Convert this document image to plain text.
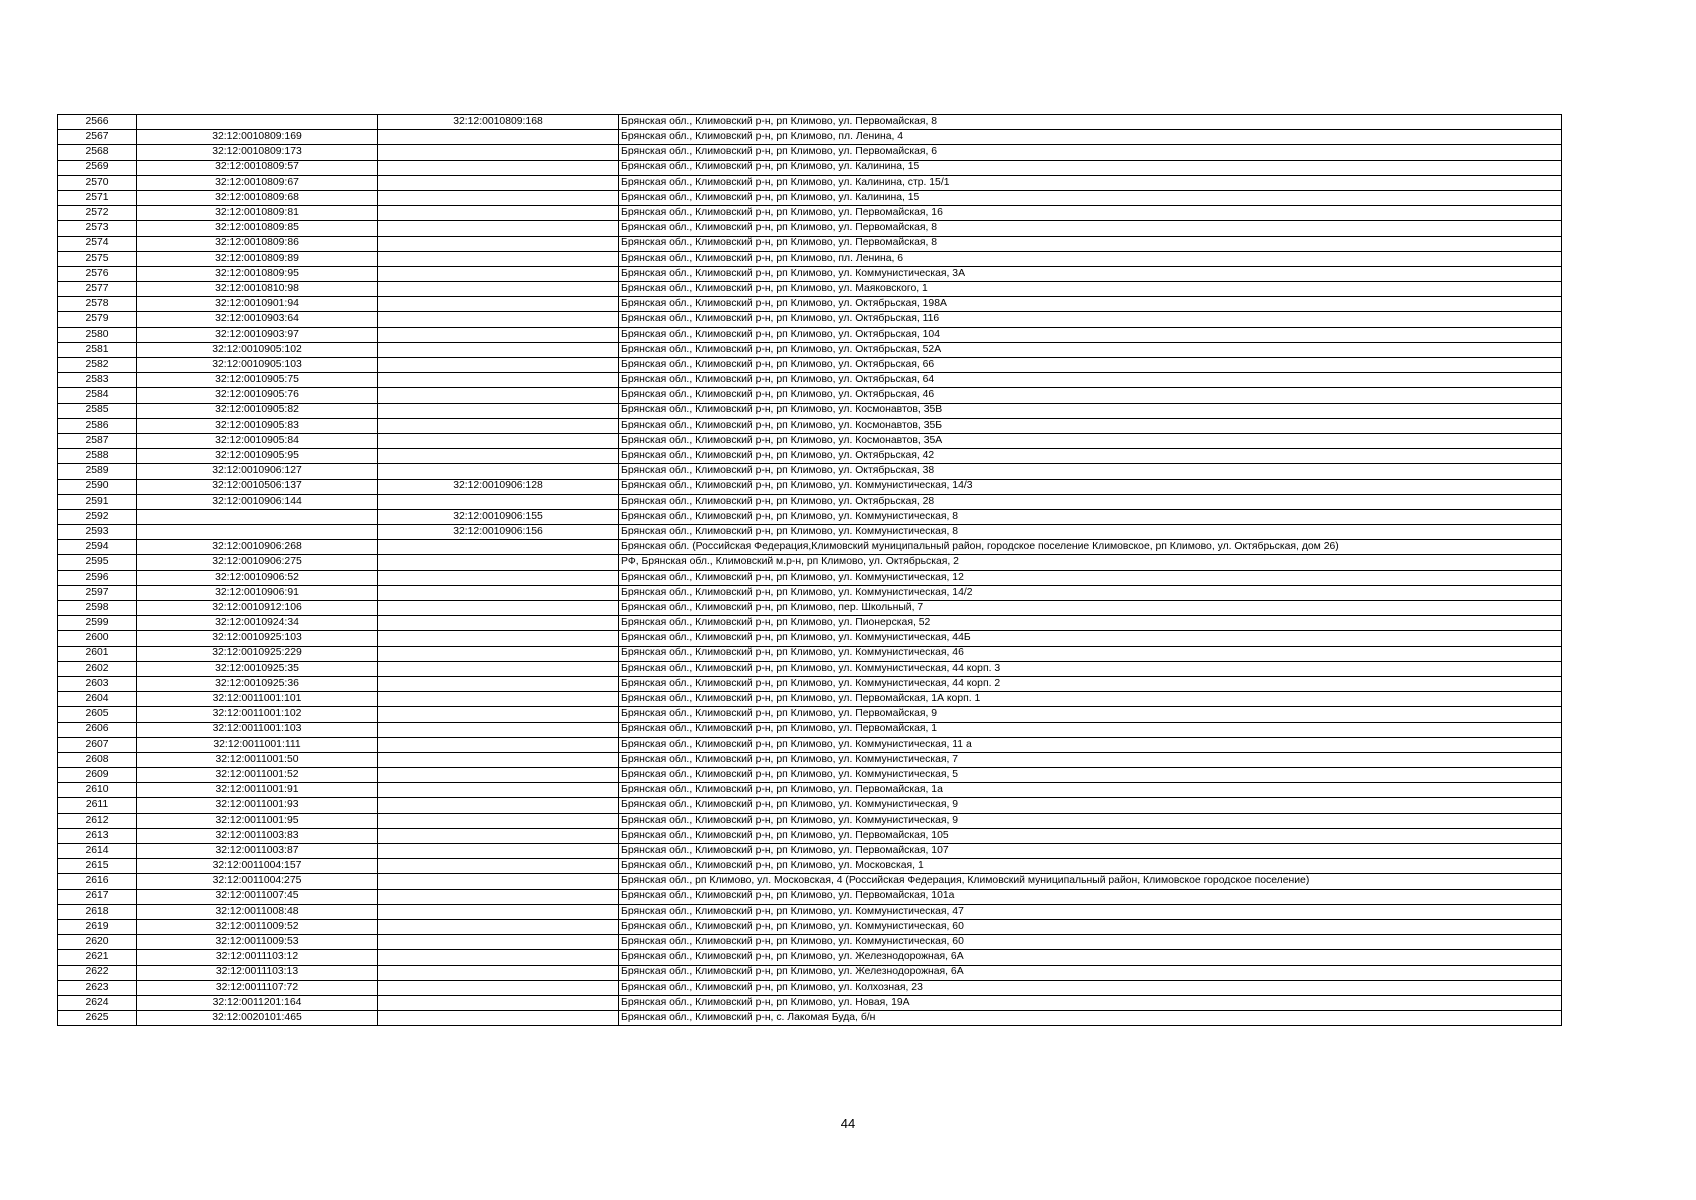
2566		32:12:0010809:168	Брянская обл., Климовский р-н, рп Климово, ул. Первомайская, 8
2567	32:12:0010809:169		Брянская обл., Климовский р-н, рп Климово, пл. Ленина, 4
2568	32:12:0010809:173		Брянская обл., Климовский р-н, рп Климово, ул. Первомайская, 6
2569	32:12:0010809:57		Брянская обл., Климовский р-н, рп Климово, ул. Калинина, 15
2570	32:12:0010809:67		Брянская обл., Климовский р-н, рп Климово, ул. Калинина, стр. 15/1
2571	32:12:0010809:68		Брянская обл., Климовский р-н, рп Климово, ул. Калинина, 15
2572	32:12:0010809:81		Брянская обл., Климовский р-н, рп Климово, ул. Первомайская, 16
2573	32:12:0010809:85		Брянская обл., Климовский р-н, рп Климово, ул. Первомайская, 8
2574	32:12:0010809:86		Брянская обл., Климовский р-н, рп Климово, ул. Первомайская, 8
2575	32:12:0010809:89		Брянская обл., Климовский р-н, рп Климово, пл. Ленина, 6
2576	32:12:0010809:95		Брянская обл., Климовский р-н, рп Климово, ул. Коммунистическая, 3А
2577	32:12:0010810:98		Брянская обл., Климовский р-н, рп Климово, ул. Маяковского, 1
2578	32:12:0010901:94		Брянская обл., Климовский р-н, рп Климово, ул. Октябрьская, 198А
2579	32:12:0010903:64		Брянская обл., Климовский р-н, рп Климово, ул. Октябрьская, 116
2580	32:12:0010903:97		Брянская обл., Климовский р-н, рп Климово, ул. Октябрьская, 104
2581	32:12:0010905:102		Брянская обл., Климовский р-н, рп Климово, ул. Октябрьская, 52А
2582	32:12:0010905:103		Брянская обл., Климовский р-н, рп Климово, ул. Октябрьская, 66
2583	32:12:0010905:75		Брянская обл., Климовский р-н, рп Климово, ул. Октябрьская, 64
2584	32:12:0010905:76		Брянская обл., Климовский р-н, рп Климово, ул. Октябрьская, 46
2585	32:12:0010905:82		Брянская обл., Климовский р-н, рп Климово, ул. Космонавтов, 35В
2586	32:12:0010905:83		Брянская обл., Климовский р-н, рп Климово, ул. Космонавтов, 35Б
2587	32:12:0010905:84		Брянская обл., Климовский р-н, рп Климово, ул. Космонавтов, 35А
2588	32:12:0010905:95		Брянская обл., Климовский р-н, рп Климово, ул. Октябрьская, 42
2589	32:12:0010906:127		Брянская обл., Климовский р-н, рп Климово, ул. Октябрьская, 38
2590	32:12:0010506:137	32:12:0010906:128	Брянская обл., Климовский р-н, рп Климово, ул. Коммунистическая, 14/3
2591	32:12:0010906:144		Брянская обл., Климовский р-н, рп Климово, ул. Октябрьская, 28
2592		32:12:0010906:155	Брянская обл., Климовский р-н, рп Климово, ул. Коммунистическая, 8
2593		32:12:0010906:156	Брянская обл., Климовский р-н, рп Климово, ул. Коммунистическая, 8
2594	32:12:0010906:268		Брянская обл. (Российская Федерация,Климовский муниципальный район, городское поселение Климовское, рп Климово, ул. Октябрьская, дом 26)
2595	32:12:0010906:275		РФ, Брянская обл., Климовский м.р-н, рп Климово, ул. Октябрьская, 2
2596	32:12:0010906:52		Брянская обл., Климовский р-н, рп Климово, ул. Коммунистическая, 12
2597	32:12:0010906:91		Брянская обл., Климовский р-н, рп Климово, ул. Коммунистическая, 14/2
2598	32:12:0010912:106		Брянская обл., Климовский р-н, рп Климово, пер. Школьный, 7
2599	32:12:0010924:34		Брянская обл., Климовский р-н, рп Климово, ул. Пионерская, 52
2600	32:12:0010925:103		Брянская обл., Климовский р-н, рп Климово, ул. Коммунистическая, 44Б
2601	32:12:0010925:229		Брянская обл., Климовский р-н, рп Климово, ул. Коммунистическая, 46
2602	32:12:0010925:35		Брянская обл., Климовский р-н, рп Климово, ул. Коммунистическая, 44 корп. 3
2603	32:12:0010925:36		Брянская обл., Климовский р-н, рп Климово, ул. Коммунистическая, 44 корп. 2
2604	32:12:0011001:101		Брянская обл., Климовский р-н, рп Климово, ул. Первомайская, 1А корп. 1
2605	32:12:0011001:102		Брянская обл., Климовский р-н, рп Климово, ул. Первомайская, 9
2606	32:12:0011001:103		Брянская обл., Климовский р-н, рп Климово, ул. Первомайская, 1
2607	32:12:0011001:111		Брянская обл., Климовский р-н, рп Климово, ул. Коммунистическая, 11 а
2608	32:12:0011001:50		Брянская обл., Климовский р-н, рп Климово, ул. Коммунистическая, 7
2609	32:12:0011001:52		Брянская обл., Климовский р-н, рп Климово, ул. Коммунистическая, 5
2610	32:12:0011001:91		Брянская обл., Климовский р-н, рп Климово, ул. Первомайская, 1а
2611	32:12:0011001:93		Брянская обл., Климовский р-н, рп Климово, ул. Коммунистическая, 9
2612	32:12:0011001:95		Брянская обл., Климовский р-н, рп Климово, ул. Коммунистическая, 9
2613	32:12:0011003:83		Брянская обл., Климовский р-н, рп Климово, ул. Первомайская, 105
2614	32:12:0011003:87		Брянская обл., Климовский р-н, рп Климово, ул. Первомайская, 107
2615	32:12:0011004:157		Брянская обл., Климовский р-н, рп Климово, ул. Московская, 1
2616	32:12:0011004:275		Брянская обл., рп Климово, ул. Московская, 4 (Российская Федерация, Климовский муниципальный район, Климовское городское поселение)
2617	32:12:0011007:45		Брянская обл., Климовский р-н, рп Климово, ул. Первомайская, 101а
2618	32:12:0011008:48		Брянская обл., Климовский р-н, рп Климово, ул. Коммунистическая, 47
2619	32:12:0011009:52		Брянская обл., Климовский р-н, рп Климово, ул. Коммунистическая, 60
2620	32:12:0011009:53		Брянская обл., Климовский р-н, рп Климово, ул. Коммунистическая, 60
2621	32:12:0011103:12		Брянская обл., Климовский р-н, рп Климово, ул. Железнодорожная, 6А
2622	32:12:0011103:13		Брянская обл., Климовский р-н, рп Климово, ул. Железнодорожная, 6А
2623	32:12:0011107:72		Брянская обл., Климовский р-н, рп Климово, ул. Колхозная, 23
2624	32:12:0011201:164		Брянская обл., Климовский р-н, рп Климово, ул. Новая, 19А
2625	32:12:0020101:465		Брянская обл., Климовский р-н, с. Лакомая Буда, б/н
44
